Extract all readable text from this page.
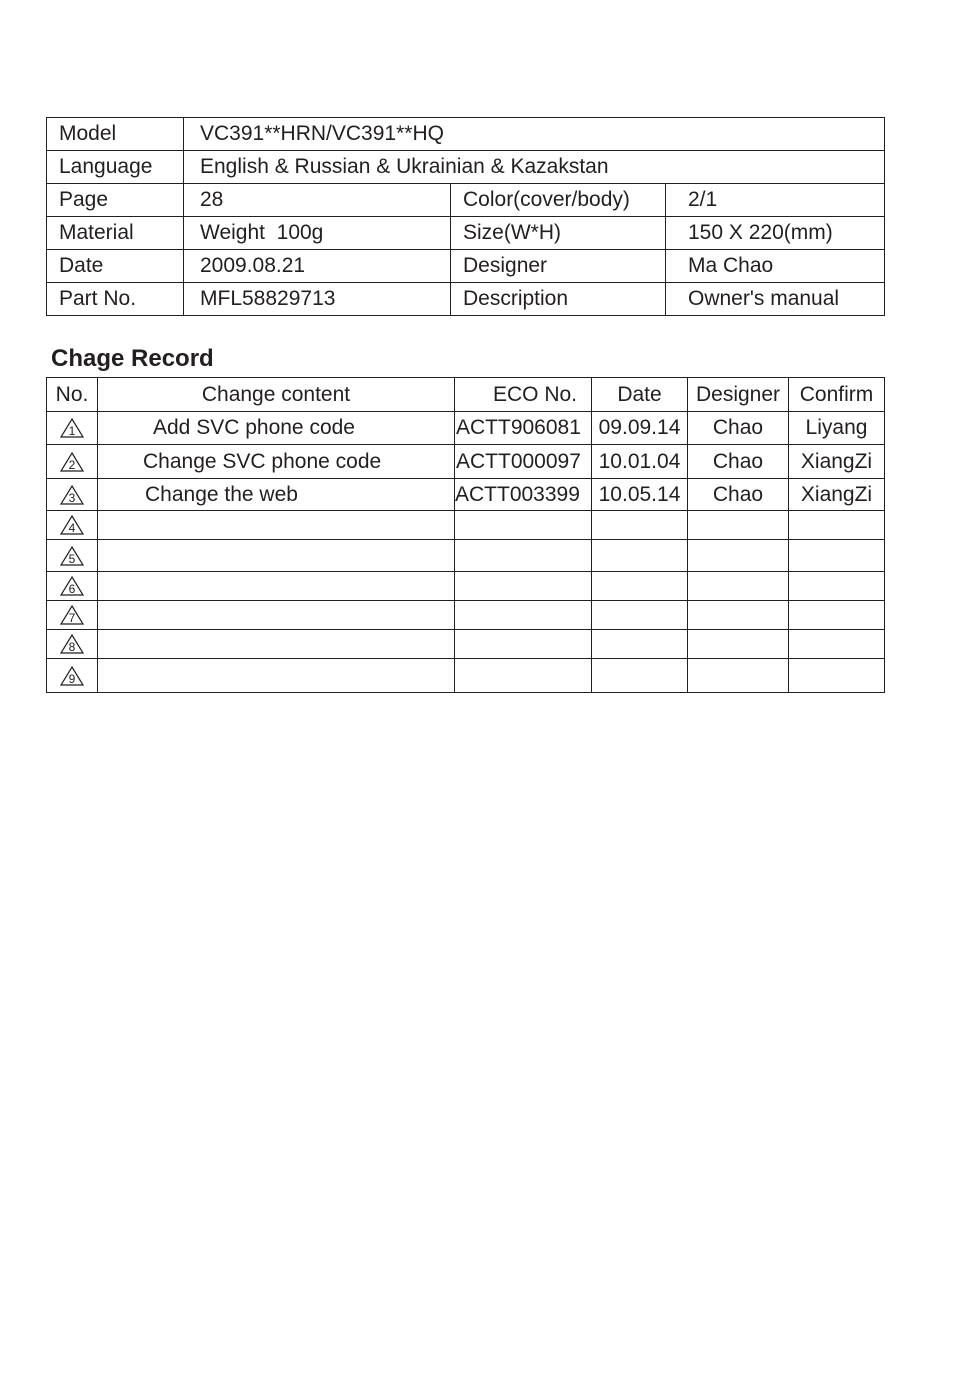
Model	VC391**HRN/VC391**HQ		
Language	English & Russian & Ukrainian & Kazakstan		
Page	28	Color(cover/body)	2/1
Material	Weight  100g	Size(W*H)	150 X 220(mm)
Date	2009.08.21	Designer	Ma Chao
Part No.	MFL58829713	Description	Owner's manual
Chage Record
No.	Change content	ECO No.	Date	Designer	Confirm

1	Add SVC phone code	ACTT906081	09.09.14	Chao	Liyang

2	Change SVC phone code	ACTT000097	10.01.04	Chao	XiangZi

3	Change the web	ACTT003399	10.05.14	Chao	XiangZi

4					

5					

6					

7					

8					

9					
